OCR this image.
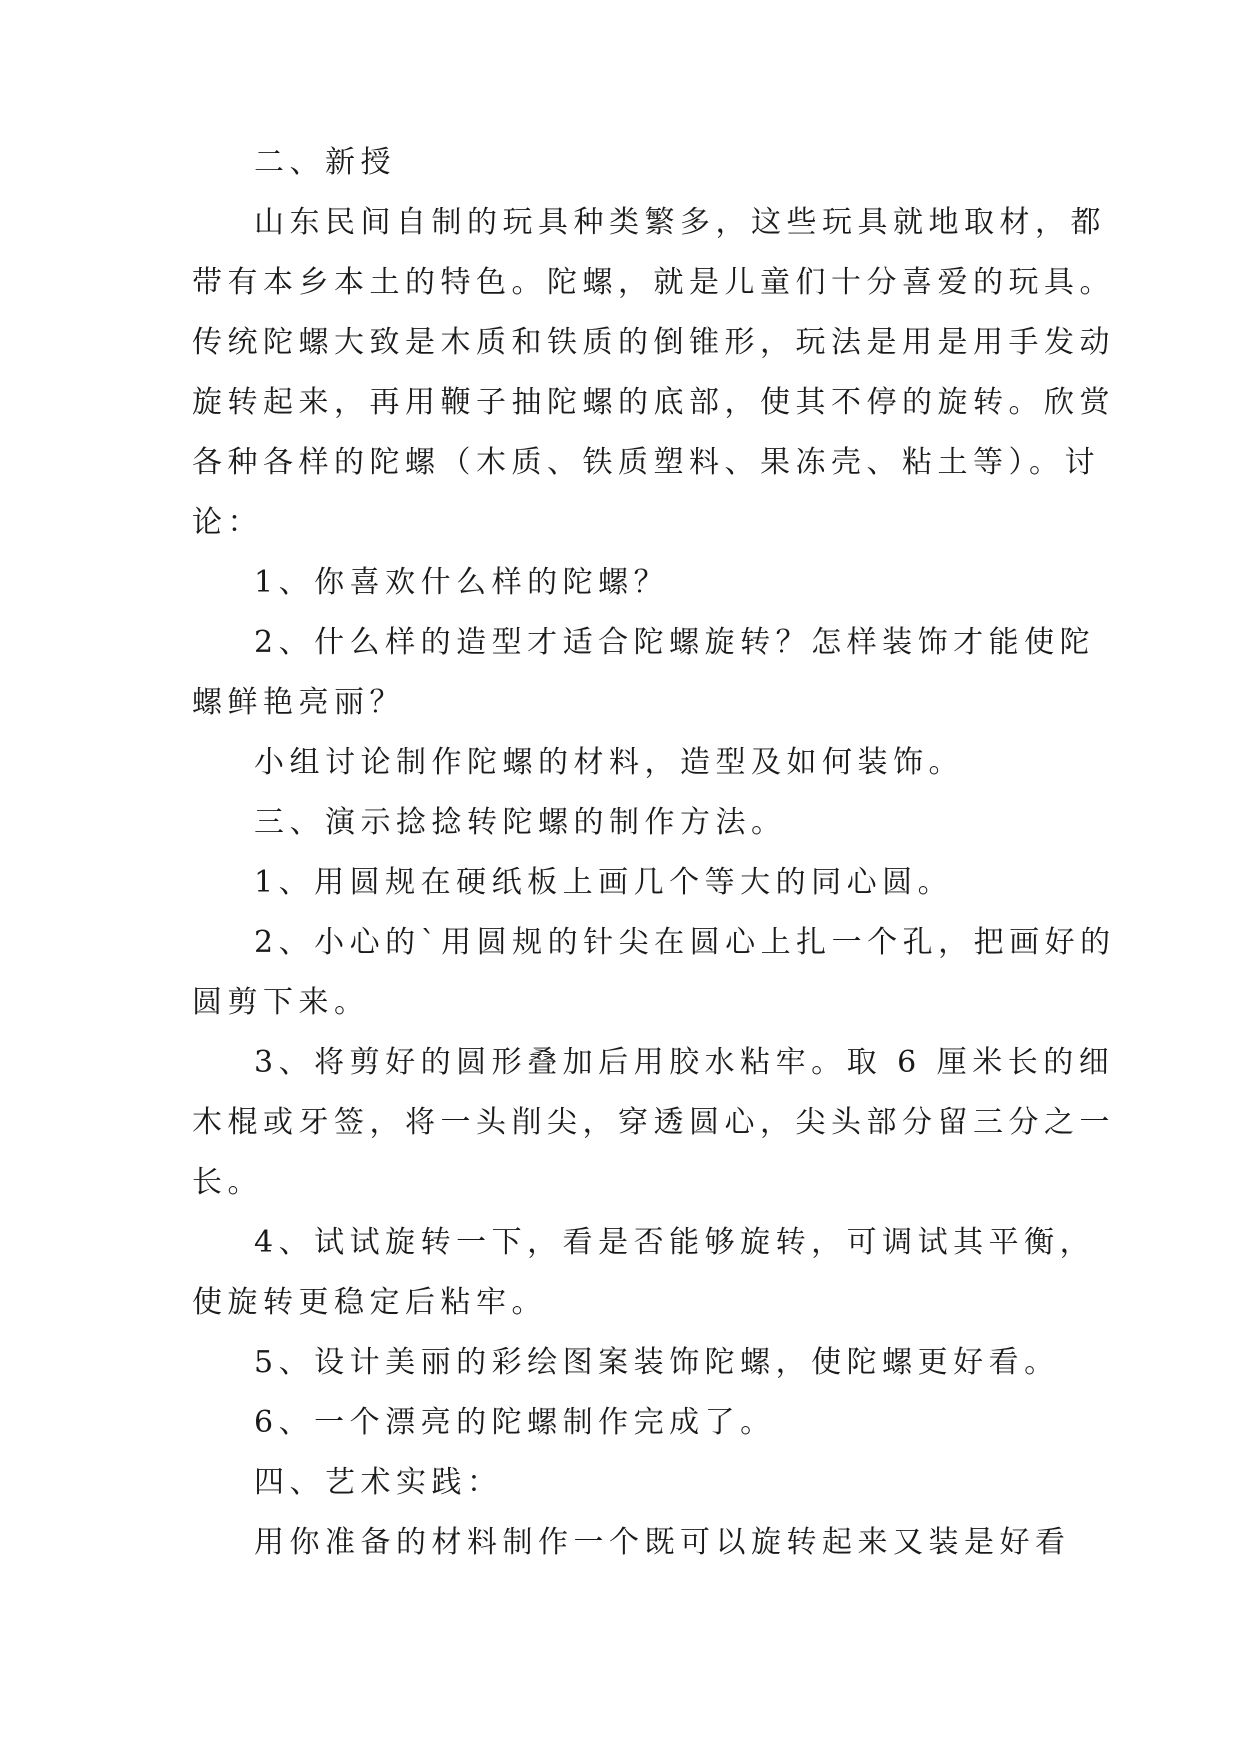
二、新授
山东民间自制的玩具种类繁多，这些玩具就地取材，都
带有本乡本土的特色。陀螺，就是儿童们十分喜爱的玩具。
传统陀螺大致是木质和铁质的倒锥形，玩法是用是用手发动
旋转起来，再用鞭子抽陀螺的底部，使其不停的旋转。欣赏
各种各样的陀螺（木质、铁质塑料、果冻壳、粘土等）。讨
论：
1、你喜欢什么样的陀螺？
2、什么样的造型才适合陀螺旋转？怎样装饰才能使陀
螺鲜艳亮丽？
小组讨论制作陀螺的材料，造型及如何装饰。
三、演示捻捻转陀螺的制作方法。
1、用圆规在硬纸板上画几个等大的同心圆。
2、小心的`用圆规的针尖在圆心上扎一个孔，把画好的
圆剪下来。
3、将剪好的圆形叠加后用胶水粘牢。取 6 厘米长的细
木棍或牙签，将一头削尖，穿透圆心，尖头部分留三分之一
长。
4、试试旋转一下，看是否能够旋转，可调试其平衡，
使旋转更稳定后粘牢。
5、设计美丽的彩绘图案装饰陀螺，使陀螺更好看。
6、一个漂亮的陀螺制作完成了。
四、艺术实践：
用你准备的材料制作一个既可以旋转起来又装是好看
